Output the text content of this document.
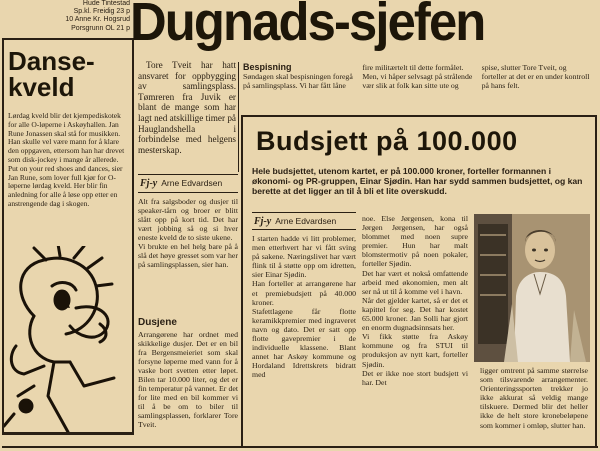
Hude Tintestad
Sp.kl. Freidig 23 p
10 Anne Kr. Hogsrud
Porsgrunn OL 21 p Dugnads-sjefen
Danse-
kveld
Lørdag kveld blir det kjempediskotek for alle O-løperne i Askøyhallen. Jan Rune Jonassen skal stå for musikken. Han skulle vel være mann for å klare den oppgaven, ettersom han har drevet som disk-jockey i mange år allerede. Put on your red shoes and dances, sier Jan Rune, som lover full kjør for O-løperne lørdag kveld. Her blir fin anledning for alle å løse opp etter en anstrengende dag i skogen.
Tore Tveit har hatt ansvaret for oppbygging av samlingsplass. Tømreren fra Juvik er blant de mange som har lagt ned atskillige timer på Hauglandshella i forbindelse med helgens mesterskap.
Bespisning
Søndagen skal bespisningen foregå på samlingsplass. Vi har fått låne fire militærtelt til dette formålet. Men, vi håper selvsagt på strålende vær slik at folk kan sitte ute og spise, slutter Tore Tveit, og forteller at det er en under kontroll på hans felt.
Fj-y Arne Edvardsen
Alt fra salgsboder og dusjer til speaker-tårn og broer er blitt slått opp på kort tid. Det har vært jobbing så og si hver eneste kveld de to siste ukene.
Vi brukte en hel helg bare på å slå det høye gresset som var her på samlingsplassen, sier han.
Dusjene
Arrangørene har ordnet med skikkelige dusjer. Det er en bil fra Bergensmeieriet som skal forsyne løperne med vann for å vaske bort svetten etter løpet. Bilen tar 10.000 liter, og det er fin temperatur på vannet. Er det for lite med en bil kommer vi til å be om to biler til samlingsplassen, forklarer Tore Tveit.
Budsjett på 100.000
Hele budsjettet, utenom kartet, er på 100.000 kroner, forteller formannen i økonomi- og PR-gruppen, Einar Sjødin. Han har sydd sammen budsjettet, og kan berette at det ligger an til å bli et lite overskudd.
Fj-y Arne Edvardsen
I starten hadde vi litt problemer, men etterhvert har vi fått sving på sakene. Næringslivet har vært flink til å støtte opp om idretten, sier Einar Sjødin.
Han forteller at arrangørene har et premiebudsjett på 40.000 kroner.
Stafettlagene får flotte keramikkpremier med ingraveret navn og dato. Det er satt opp flotte gavepremier i de individuelle klassene. Blant annet har Askøy kommune og Hordaland Idrettskrets bidratt med
noe. Else Jørgensen, kona til Jørgen Jørgensen, har også blommet med noen supre premier. Hun har malt blomstermotiv på noen pokaler, forteller Sjødin.
Det har vært et nokså omfattende arbeid med økonomien, men alt ser nå ut til å komme vel i havn.
Når det gjelder kartet, så er det et kapittel for seg. Det har kostet 65.000 kroner. Jan Solli har gjort en enorm dugnadsinnsats her.
Vi fikk støtte fra Askøy kommune og fra STUI til produksjon av nytt kart, forteller Sjødin.
Det er ikke noe stort budsjett vi har. Det
ligger omtrent på samme størrelse som tilsvarende arrangementer. Orienteringssporten trekker jo ikke akkurat så veldig mange tilskuere. Dermed blir det heller ikke de helt store kronebeløpene som kommer i omløp, slutter han.
